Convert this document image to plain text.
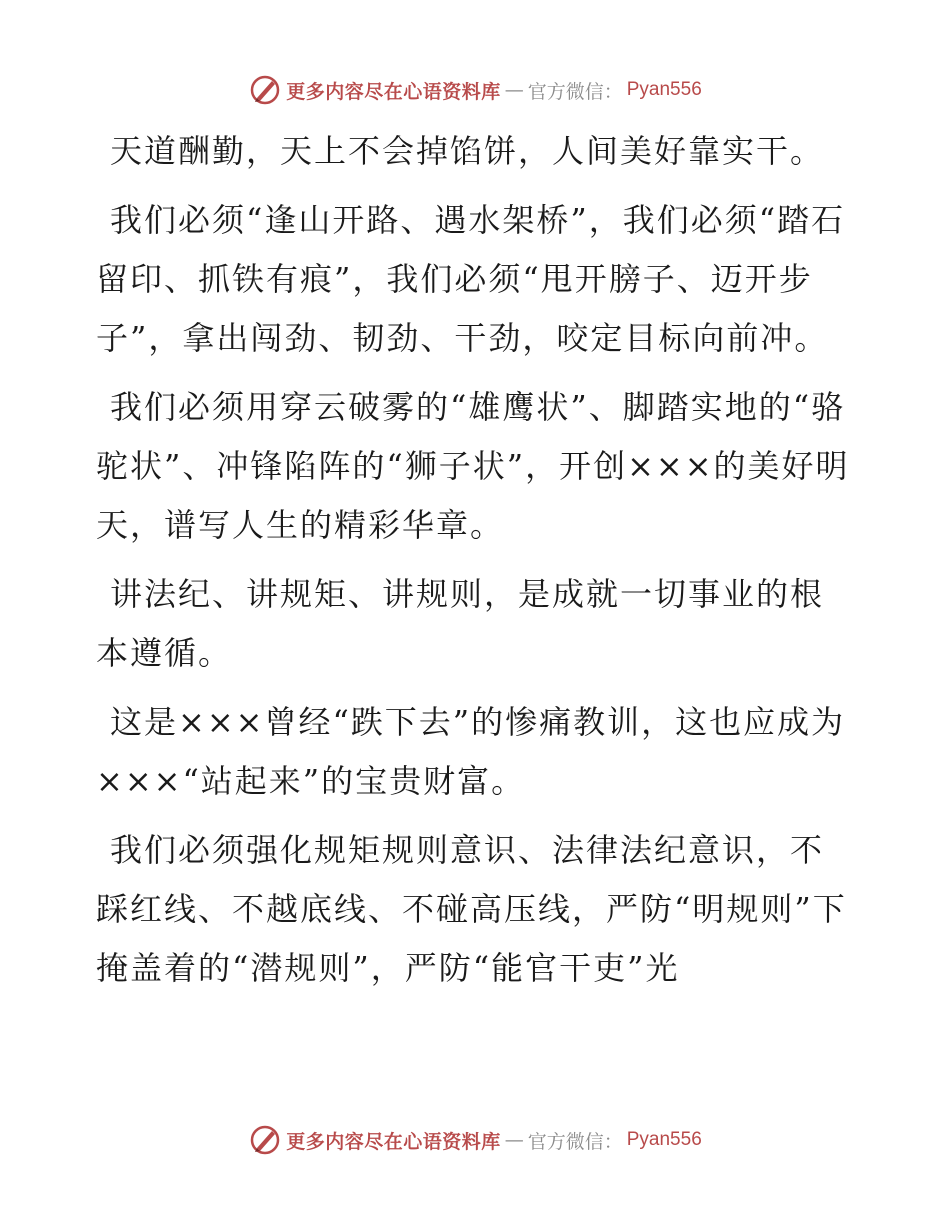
更多内容尽在心语资料库 — 官方微信： Pyan556

天道酬勤，天上不会掉馅饼，人间美好靠实干。

我们必须“逢山开路、遇水架桥”，我们必须“踏石留印、抓铁有痕”，我们必须“甩开膀子、迈开步子”，拿出闯劲、韧劲、干劲，咬定目标向前冲。

我们必须用穿云破雾的“雄鹰状”、脚踏实地的“骆驼状”、冲锋陷阵的“狮子状”，开创×××的美好明天，谱写人生的精彩华章。

讲法纪、讲规矩、讲规则，是成就一切事业的根本遵循。

这是×××曾经“跌下去”的惨痛教训，这也应成为×××“站起来”的宝贵财富。

我们必须强化规矩规则意识、法律法纪意识，不踩红线、不越底线、不碰高压线，严防“明规则”下掩盖着的“潜规则”，严防“能官干吏”光

更多内容尽在心语资料库 — 官方微信： Pyan556
